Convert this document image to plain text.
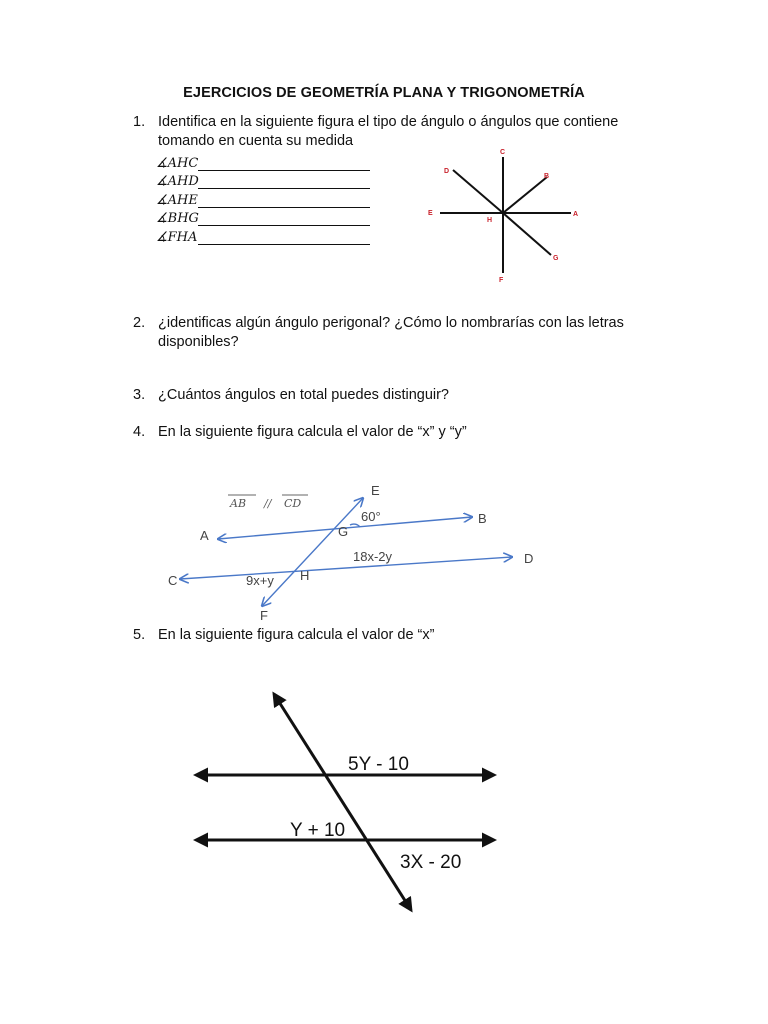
EJERCICIOS DE GEOMETRÍA PLANA Y TRIGONOMETRÍA
1. Identifica en la siguiente figura el tipo de ángulo o ángulos que contiene
tomando en cuenta su medida
∡AHC
∡AHD
∡AHE
∡BHG
∡FHA
C
D
B
E
H
A
G
F
2. ¿identificas algún ángulo perigonal? ¿Cómo lo nombrarías con las letras
disponibles?
3. ¿Cuántos ángulos en total puedes distinguir?
4. En la siguiente figura calcula el valor de “x” y “y”
AB // CD
E
B
A
D
C
F
G
H
60°
18x-2y
9x+y
5. En la siguiente figura calcula el valor de “x”
5Y - 10
Y + 10
3X - 20
